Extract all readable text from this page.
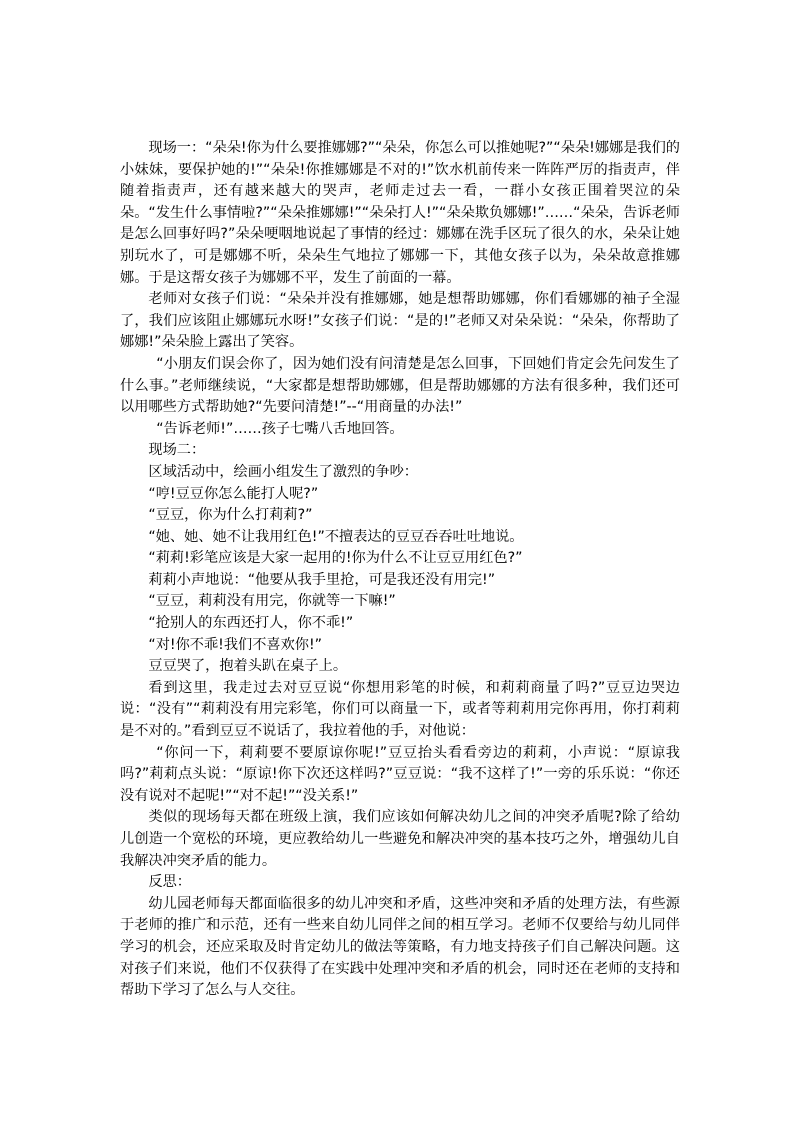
现场一：“朵朵!你为什么要推娜娜?”“朵朵，你怎么可以推她呢?”“朵朵!娜娜是我们的小妹妹，要保护她的!”“朵朵!你推娜娜是不对的!”饮水机前传来一阵阵严厉的指责声，伴随着指责声，还有越来越大的哭声，老师走过去一看，一群小女孩正围着哭泣的朵朵。“发生什么事情啦?”“朵朵推娜娜!”“朵朵打人!”“朵朵欺负娜娜!”……“朵朵，告诉老师是怎么回事好吗?”朵朵哽咽地说起了事情的经过：娜娜在洗手区玩了很久的水，朵朵让她别玩水了，可是娜娜不听，朵朵生气地拉了娜娜一下，其他女孩子以为，朵朵故意推娜娜。于是这帮女孩子为娜娜不平，发生了前面的一幕。

老师对女孩子们说：“朵朵并没有推娜娜，她是想帮助娜娜，你们看娜娜的袖子全湿了，我们应该阻止娜娜玩水呀!”女孩子们说：“是的!”老师又对朵朵说：“朵朵，你帮助了娜娜!”朵朵脸上露出了笑容。

“小朋友们误会你了，因为她们没有问清楚是怎么回事，下回她们肯定会先问发生了什么事。”老师继续说，“大家都是想帮助娜娜，但是帮助娜娜的方法有很多种，我们还可以用哪些方式帮助她?“先要问清楚!”--“用商量的办法!”

“告诉老师!”……孩子七嘴八舌地回答。

现场二：

区域活动中，绘画小组发生了激烈的争吵：

“哼!豆豆你怎么能打人呢?”

“豆豆，你为什么打莉莉?”

“她、她、她不让我用红色!”不擅表达的豆豆吞吞吐吐地说。

“莉莉!彩笔应该是大家一起用的!你为什么不让豆豆用红色?”

莉莉小声地说：“他要从我手里抢，可是我还没有用完!”

“豆豆，莉莉没有用完，你就等一下嘛!”

“抢别人的东西还打人，你不乖!”

“对!你不乖!我们不喜欢你!”

豆豆哭了，抱着头趴在桌子上。

看到这里，我走过去对豆豆说“你想用彩笔的时候，和莉莉商量了吗?”豆豆边哭边说：“没有”“莉莉没有用完彩笔，你们可以商量一下，或者等莉莉用完你再用，你打莉莉是不对的。”看到豆豆不说话了，我拉着他的手，对他说：

“你问一下，莉莉要不要原谅你呢!”豆豆抬头看看旁边的莉莉，小声说：“原谅我吗?”莉莉点头说：“原谅!你下次还这样吗?”豆豆说：“我不这样了!”一旁的乐乐说：“你还没有说对不起呢!”“对不起!”“没关系!”

类似的现场每天都在班级上演，我们应该如何解决幼儿之间的冲突矛盾呢?除了给幼儿创造一个宽松的环境，更应教给幼儿一些避免和解决冲突的基本技巧之外，增强幼儿自我解决冲突矛盾的能力。

反思：

幼儿园老师每天都面临很多的幼儿冲突和矛盾，这些冲突和矛盾的处理方法，有些源于老师的推广和示范，还有一些来自幼儿同伴之间的相互学习。老师不仅要给与幼儿同伴学习的机会，还应采取及时肯定幼儿的做法等策略，有力地支持孩子们自己解决问题。这对孩子们来说，他们不仅获得了在实践中处理冲突和矛盾的机会，同时还在老师的支持和帮助下学习了怎么与人交往。
